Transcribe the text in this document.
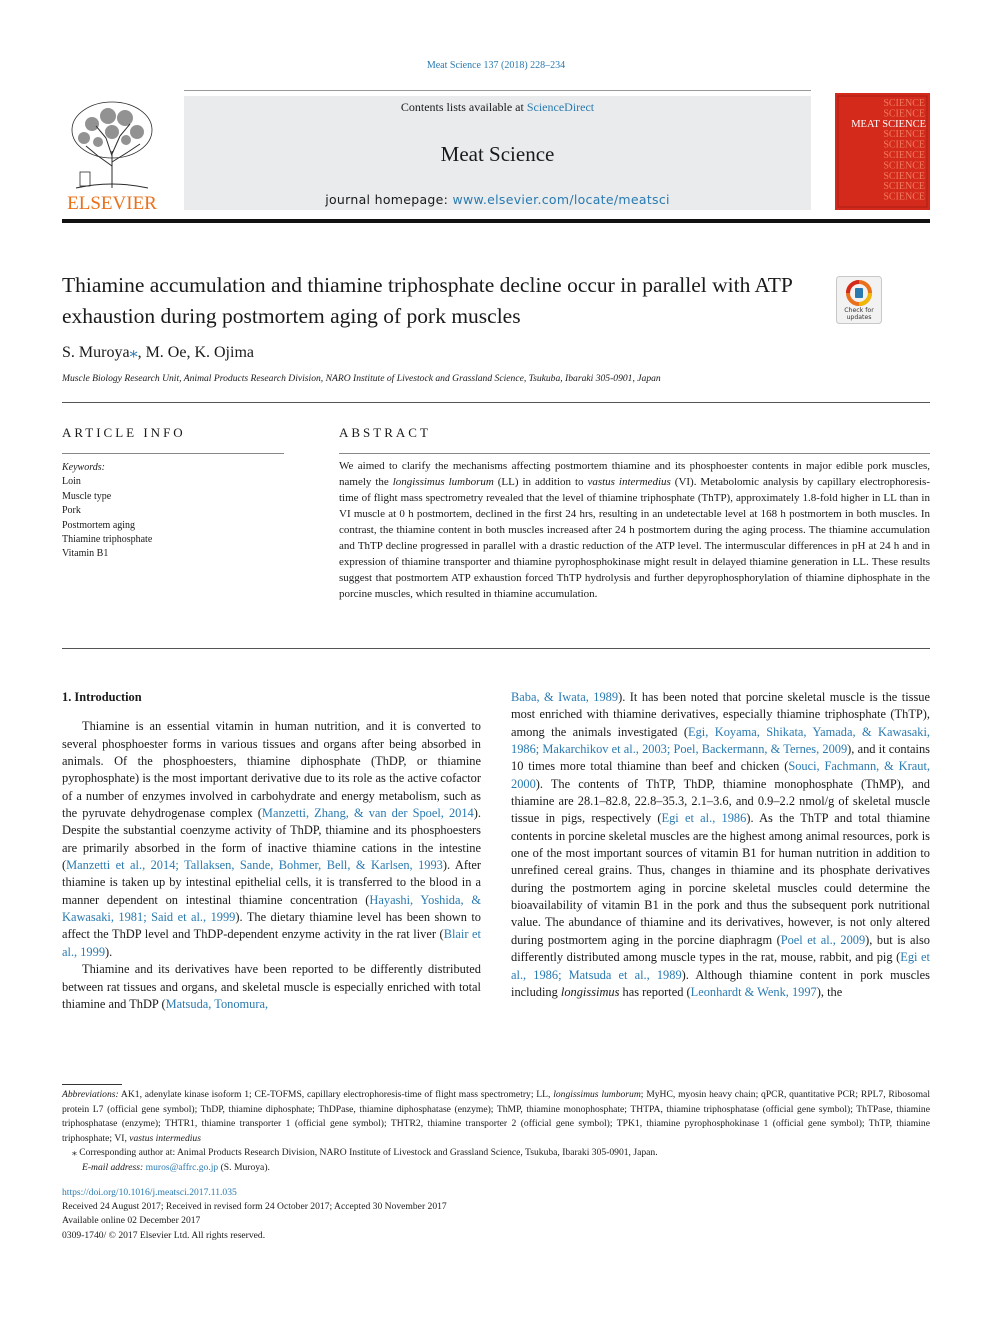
Meat Science 137 (2018) 228–234
ELSEVIER
Contents lists available at ScienceDirect
Meat Science
journal homepage: www.elsevier.com/locate/meatsci
SCIENCE
SCIENCE
MEAT SCIENCE
SCIENCE
SCIENCE
SCIENCE
SCIENCE
SCIENCE
SCIENCE
SCIENCE
Thiamine accumulation and thiamine triphosphate decline occur in parallel with ATP exhaustion during postmortem aging of pork muscles	Check for updates
S. Muroya⁎, M. Oe, K. Ojima
Muscle Biology Research Unit, Animal Products Research Division, NARO Institute of Livestock and Grassland Science, Tsukuba, Ibaraki 305-0901, Japan
ARTICLE INFO
Keywords:
Loin
Muscle type
Pork
Postmortem aging
Thiamine triphosphate
Vitamin B1
ABSTRACT
We aimed to clarify the mechanisms affecting postmortem thiamine and its phosphoester contents in major edible pork muscles, namely the longissimus lumborum (LL) in addition to vastus intermedius (VI). Metabolomic analysis by capillary electrophoresis-time of flight mass spectrometry revealed that the level of thiamine triphosphate (ThTP), approximately 1.8-fold higher in LL than in VI muscle at 0 h postmortem, declined in the first 24 hrs, resulting in an undetectable level at 168 h postmortem in both muscles. In contrast, the thiamine content in both muscles increased after 24 h postmortem during the aging process. The thiamine accumulation and ThTP decline progressed in parallel with a drastic reduction of the ATP level. The intermuscular differences in pH at 24 h and in expression of thiamine transporter and thiamine pyrophosphokinase might result in delayed thiamine generation in LL. These results suggest that postmortem ATP exhaustion forced ThTP hydrolysis and further depyrophosphorylation of thiamine diphosphate in the porcine muscles, which resulted in thiamine accumulation.

1. Introduction

Thiamine is an essential vitamin in human nutrition, and it is converted to several phosphoester forms in various tissues and organs after being absorbed in animals. Of the phosphoesters, thiamine diphosphate (ThDP, or thiamine pyrophosphate) is the most important derivative due to its role as the active cofactor of a number of enzymes involved in carbohydrate and energy metabolism, such as the pyruvate dehydrogenase complex (Manzetti, Zhang, & van der Spoel, 2014). Despite the substantial coenzyme activity of ThDP, thiamine and its phosphoesters are primarily absorbed in the form of inactive thiamine cations in the intestine (Manzetti et al., 2014; Tallaksen, Sande, Bohmer, Bell, & Karlsen, 1993). After thiamine is taken up by intestinal epithelial cells, it is transferred to the blood in a manner dependent on intestinal thiamine concentration (Hayashi, Yoshida, & Kawasaki, 1981; Said et al., 1999). The dietary thiamine level has been shown to affect the ThDP level and ThDP-dependent enzyme activity in the rat liver (Blair et al., 1999).

Thiamine and its derivatives have been reported to be differently distributed between rat tissues and organs, and skeletal muscle is especially enriched with total thiamine and ThDP (Matsuda, Tonomura,

Baba, & Iwata, 1989). It has been noted that porcine skeletal muscle is the tissue most enriched with thiamine derivatives, especially thiamine triphosphate (ThTP), among the animals investigated (Egi, Koyama, Shikata, Yamada, & Kawasaki, 1986; Makarchikov et al., 2003; Poel, Backermann, & Ternes, 2009), and it contains 10 times more total thiamine than beef and chicken (Souci, Fachmann, & Kraut, 2000). The contents of ThTP, ThDP, thiamine monophosphate (ThMP), and thiamine are 28.1–82.8, 22.8–35.3, 2.1–3.6, and 0.9–2.2 nmol/g of skeletal muscle tissue in pigs, respectively (Egi et al., 1986). As the ThTP and total thiamine contents in porcine skeletal muscles are the highest among animal resources, pork is one of the most important sources of vitamin B1 for human nutrition in addition to unrefined cereal grains. Thus, changes in thiamine and its phosphate derivatives during the postmortem aging in porcine skeletal muscles could determine the bioavailability of vitamin B1 in the pork and thus the subsequent pork nutritional value. The abundance of thiamine and its derivatives, however, is not only altered during postmortem aging in the porcine diaphragm (Poel et al., 2009), but is also differently distributed among muscle types in the rat, mouse, rabbit, and pig (Egi et al., 1986; Matsuda et al., 1989). Although thiamine content in pork muscles including longissimus has reported (Leonhardt & Wenk, 1997), the

Abbreviations: AK1, adenylate kinase isoform 1; CE-TOFMS, capillary electrophoresis-time of flight mass spectrometry; LL, longissimus lumborum; MyHC, myosin heavy chain; qPCR, quantitative PCR; RPL7, Ribosomal protein L7 (official gene symbol); ThDP, thiamine diphosphate; ThDPase, thiamine diphosphatase (enzyme); ThMP, thiamine monophosphate; THTPA, thiamine triphosphatase (official gene symbol); ThTPase, thiamine triphosphatase (enzyme); THTR1, thiamine transporter 1 (official gene symbol); THTR2, thiamine transporter 2 (official gene symbol); TPK1, thiamine pyrophosphokinase 1 (official gene symbol); ThTP, thiamine triphosphate; VI, vastus intermedius

⁎ Corresponding author at: Animal Products Research Division, NARO Institute of Livestock and Grassland Science, Tsukuba, Ibaraki 305-0901, Japan.

E-mail address: muros@affrc.go.jp (S. Muroya).

https://doi.org/10.1016/j.meatsci.2017.11.035
Received 24 August 2017; Received in revised form 24 October 2017; Accepted 30 November 2017
Available online 02 December 2017
0309-1740/ © 2017 Elsevier Ltd. All rights reserved.
